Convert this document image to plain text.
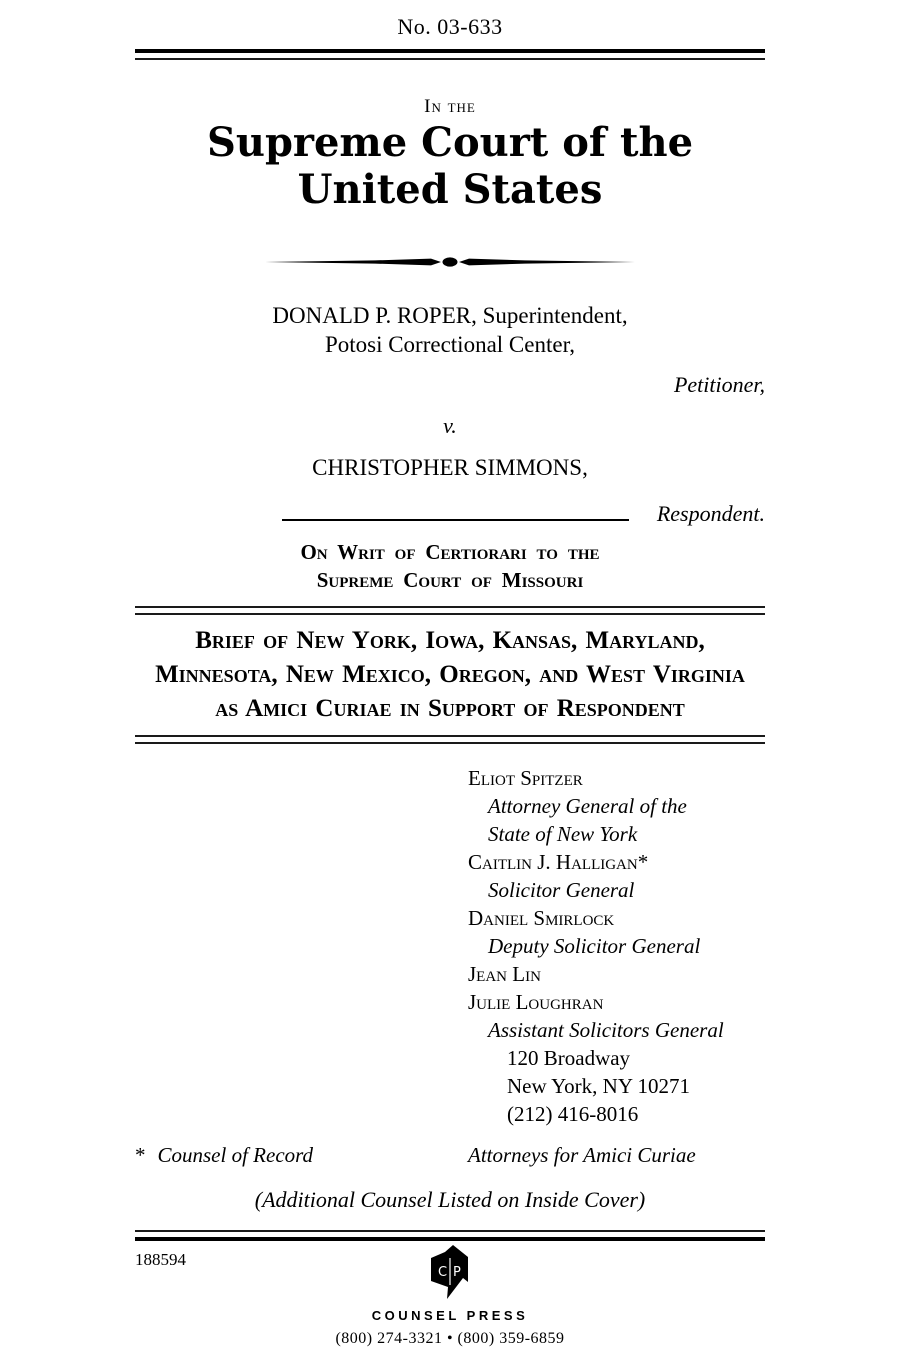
No. 03-633
In the
Supreme Court of the United States
DONALD P. ROPER, Superintendent,
Potosi Correctional Center,
Petitioner,
v.
CHRISTOPHER SIMMONS,
Respondent.
On Writ of Certiorari to the
Supreme Court of Missouri
Brief of New York, Iowa, Kansas, Maryland,
Minnesota, New Mexico, Oregon, and West Virginia
as Amici Curiae in Support of Respondent
Eliot Spitzer
Attorney General of the
State of New York
Caitlin J. Halligan*
Solicitor General
Daniel Smirlock
Deputy Solicitor General
Jean Lin
Julie Loughran
Assistant Solicitors General
120 Broadway
New York, NY 10271
(212) 416-8016
* Counsel of Record	Attorneys for Amici Curiae
(Additional Counsel Listed on Inside Cover)
188594
C P
COUNSEL PRESS
(800) 274-3321 • (800) 359-6859
